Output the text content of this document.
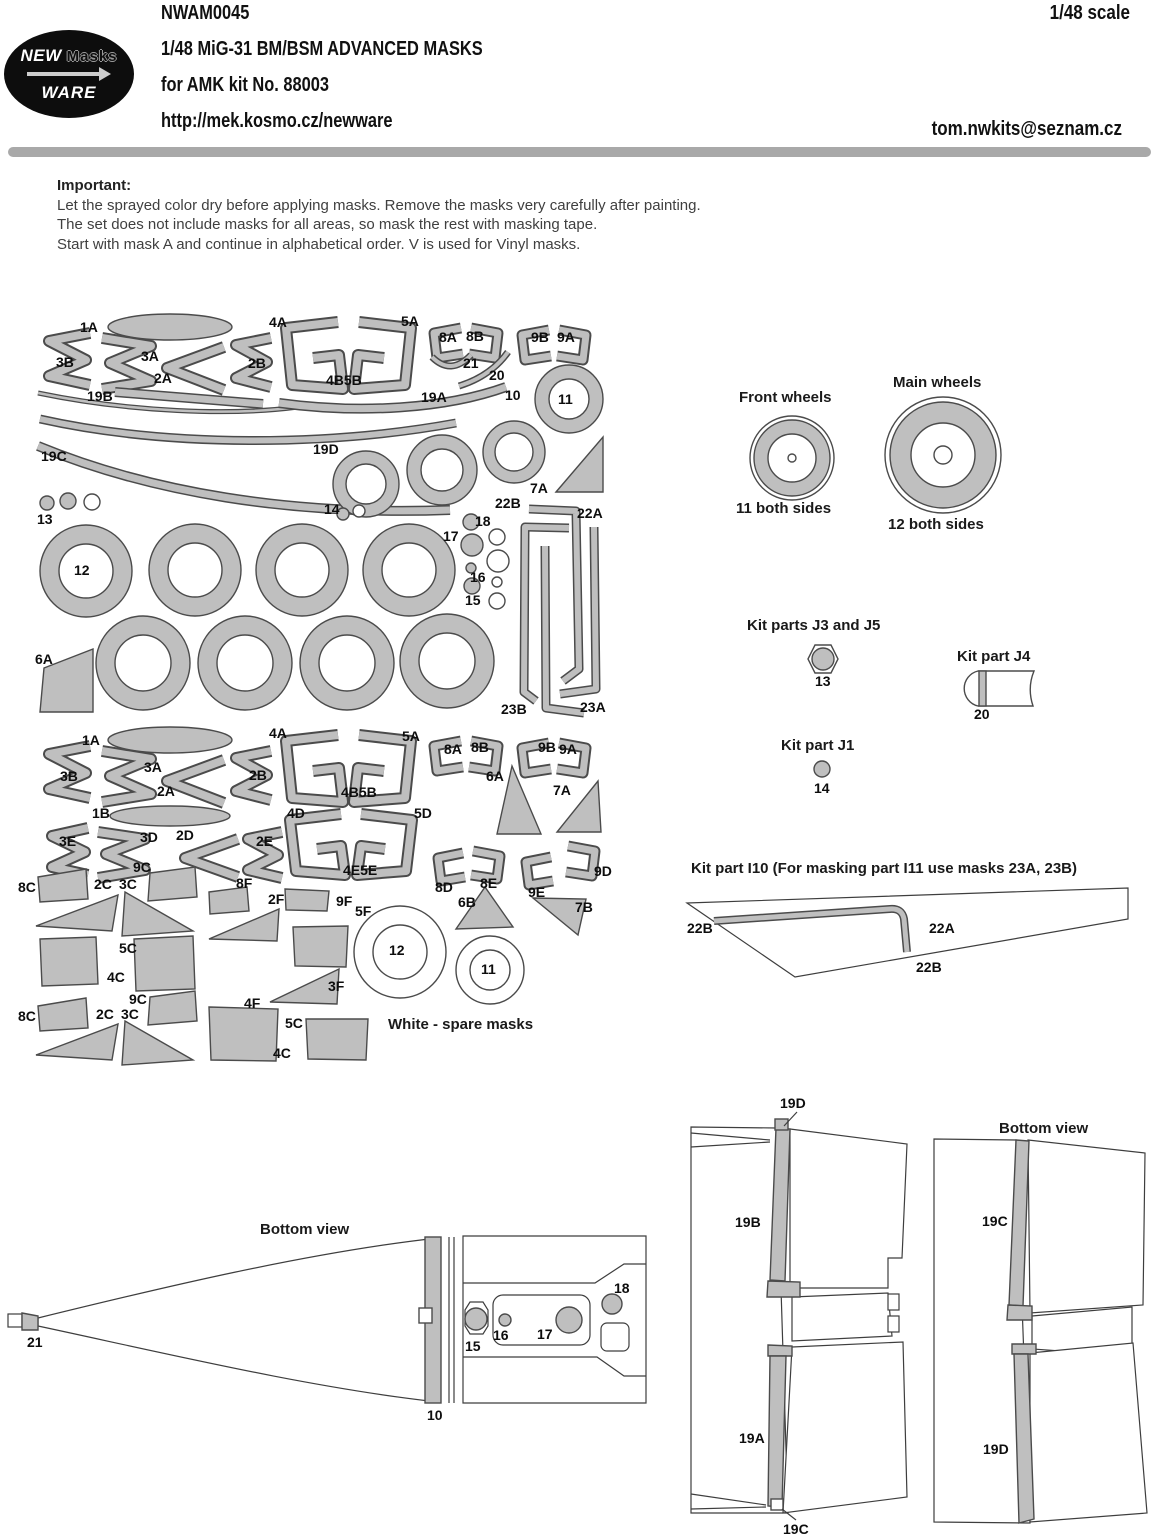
NEW Masks
WARE
NWAM0045
1/48 MiG-31 BM/BSM ADVANCED MASKS
for AMK kit No. 88003
http://mek.kosmo.cz/newware
1/48 scale
tom.nwkits@seznam.cz
Important:
Let the sprayed color dry before applying masks. Remove the masks very carefully after painting.
The set does not include masks for all areas, so mask the rest with masking tape.
Start with mask A and continue in alphabetical order. V is used for Vinyl masks.
1A
3B	3A
2A
4A
2B
4B5B
5A
8A 8B	9B 9A
21
20
19B	19A	10	11
19C	19D
7A
13
14
18
17
16
15
12
6A
22B
22A
23B	23A
1A
3B
3A
2A
4A
2B
4B5B
5A
8A 8B	9B 9A
6A
7A
1B
3E	3D 2D	2E
4D	5D
4E5E
8D 8E
9E
9D
9C
2C 3C
8C	8F
2F	9F
5F
6B	7B
5C
4C
4F
3F
9C
8C	2C 3C
5C
4C
12
11
13
20
14
22B	22A
22B
21
10
15
16 17
18
19D
19B
19A
19C
19C
19D
Front wheels
11 both sides
Main wheels
12 both sides
Kit parts J3 and J5
Kit part J4
Kit part J1
Kit part I10 (For masking part I11 use masks 23A, 23B)
Bottom view
Bottom view
White - spare masks
